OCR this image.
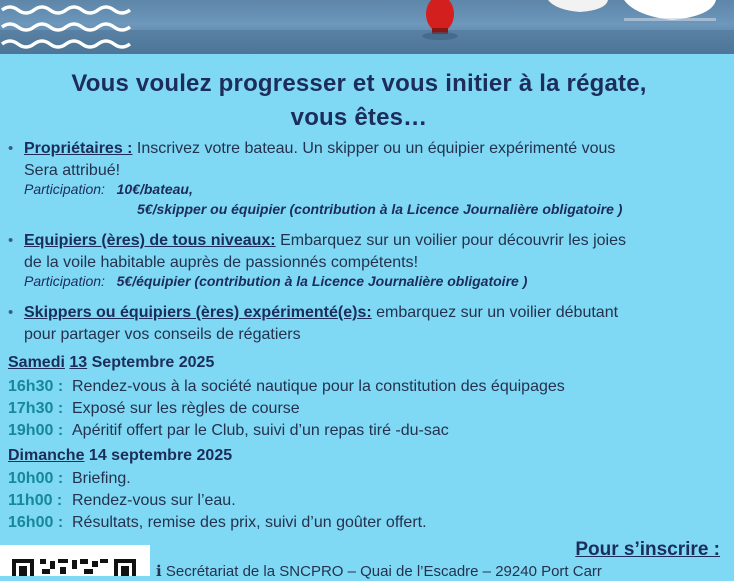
Vous voulez progresser et vous initier à la régate,
vous êtes…
• Propriétaires : Inscrivez votre bateau. Un skipper ou un équipier expérimenté vous
Sera attribué!
Participation: 10€/bateau,
5€/skipper ou équipier (contribution à la Licence Journalière obligatoire )
• Equipiers (ères) de tous niveaux: Embarquez sur un voilier pour découvrir les joies
de la voile habitable auprès de passionnés compétents!
Participation: 5€/équipier (contribution à la Licence Journalière obligatoire )
• Skippers ou équipiers (ères) expérimenté(e)s: embarquez sur un voilier débutant
pour partager vos conseils de régatiers
Samedi 13 Septembre 2025
16h30 : Rendez-vous à la société nautique pour la constitution des équipages
17h30 : Exposé sur les règles de course
19h00 : Apéritif offert par le Club, suivi d’un repas tiré -du-sac
Dimanche 14 septembre 2025
10h00 : Briefing.
11h00 : Rendez-vous sur l’eau.
16h00 : Résultats, remise des prix, suivi d’un goûter offert.
Pour s’inscrire :
ℹ Secrétariat de la SNCPRO – Quai de l’Escadre – 29240 Port Carr
